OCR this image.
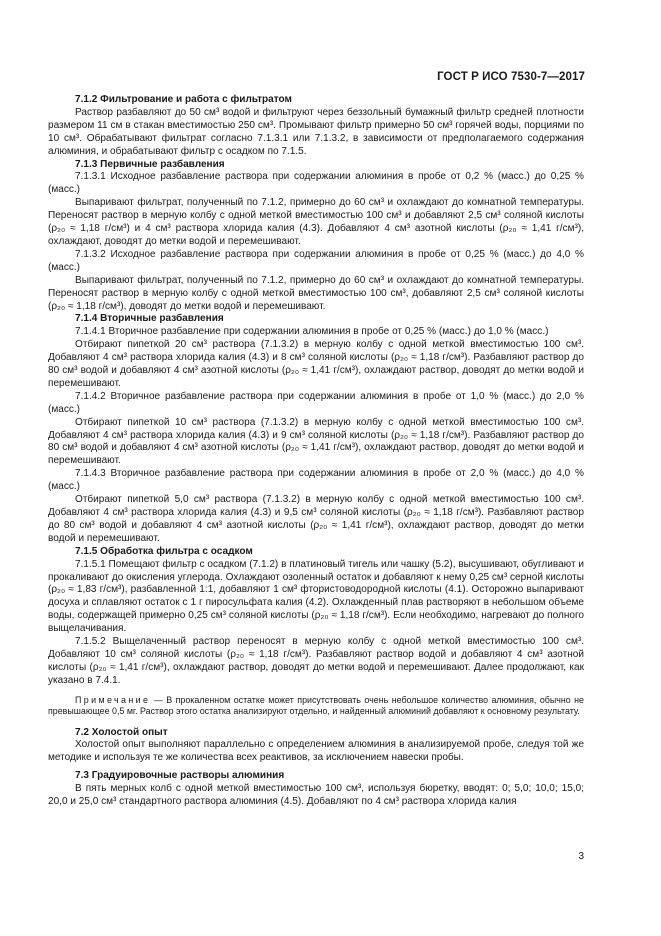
ГОСТ Р ИСО 7530-7—2017

7.1.2 Фильтрование и работа с фильтратом

Раствор разбавляют до 50 см³ водой и фильтруют через беззольный бумажный фильтр средней плотности размером 11 см в стакан вместимостью 250 см³. Промывают фильтр примерно 50 см³ горячей воды, порциями по 10 см³. Обрабатывают фильтрат согласно 7.1.3.1 или 7.1.3.2, в зависимости от предполагаемого содержания алюминия, и обрабатывают фильтр с осадком по 7.1.5.

7.1.3 Первичные разбавления

7.1.3.1 Исходное разбавление раствора при содержании алюминия в пробе от 0,2 % (масс.) до 0,25 % (масс.)

Выпаривают фильтрат, полученный по 7.1.2, примерно до 60 см³ и охлаждают до комнатной температуры. Переносят раствор в мерную колбу с одной меткой вместимостью 100 см³ и добавляют 2,5 см³ соляной кислоты (ρ₂₀ ≈ 1,18 г/см³) и 4 см³ раствора хлорида калия (4.3). Добавляют 4 см³ азотной кислоты (ρ₂₀ ≈ 1,41 г/см³), охлаждают, доводят до метки водой и перемешивают.

7.1.3.2 Исходное разбавление раствора при содержании алюминия в пробе от 0,25 % (масс.) до 4,0 % (масс.)

Выпаривают фильтрат, полученный по 7.1.2, примерно до 60 см³ и охлаждают до комнатной температуры. Переносят раствор в мерную колбу с одной меткой вместимостью 100 см³, добавляют 2,5 см³ соляной кислоты (ρ₂₀ ≈ 1,18 г/см³), доводят до метки водой и перемешивают.

7.1.4 Вторичные разбавления

7.1.4.1 Вторичное разбавление при содержании алюминия в пробе от 0,25 % (масс.) до 1,0 % (масс.)

Отбирают пипеткой 20 см³ раствора (7.1.3.2) в мерную колбу с одной меткой вместимостью 100 см³. Добавляют 4 см³ раствора хлорида калия (4.3) и 8 см³ соляной кислоты (ρ₂₀ ≈ 1,18 г/см³). Разбавляют раствор до 80 см³ водой и добавляют 4 см³ азотной кислоты (ρ₂₀ ≈ 1,41 г/см³), охлаждают раствор, доводят до метки водой и перемешивают.

7.1.4.2 Вторичное разбавление раствора при содержании алюминия в пробе от 1,0 % (масс.) до 2,0 % (масс.)

Отбирают пипеткой 10 см³ раствора (7.1.3.2) в мерную колбу с одной меткой вместимостью 100 см³. Добавляют 4 см³ раствора хлорида калия (4.3) и 9 см³ соляной кислоты (ρ₂₀ ≈ 1,18 г/см³). Разбавляют раствор до 80 см³ водой и добавляют 4 см³ азотной кислоты (ρ₂₀ ≈ 1,41 г/см³), охлаждают раствор, доводят до метки водой и перемешивают.

7.1.4.3 Вторичное разбавление раствора при содержании алюминия в пробе от 2,0 % (масс.) до 4,0 % (масс.)

Отбирают пипеткой 5,0 см³ раствора (7.1.3.2) в мерную колбу с одной меткой вместимостью 100 см³. Добавляют 4 см³ раствора хлорида калия (4.3) и 9,5 см³ соляной кислоты (ρ₂₀ ≈ 1,18 г/см³). Разбавляют раствор до 80 см³ водой и добавляют 4 см³ азотной кислоты (ρ₂₀ ≈ 1,41 г/см³), охлаждают раствор, доводят до метки водой и перемешивают.

7.1.5 Обработка фильтра с осадком

7.1.5.1 Помещают фильтр с осадком (7.1.2) в платиновый тигель или чашку (5.2), высушивают, обугливают и прокаливают до окисления углерода. Охлаждают озоленный остаток и добавляют к нему 0,25 см³ серной кислоты (ρ₂₀ ≈ 1,83 г/см³), разбавленной 1:1, добавляют 1 см³ фтористоводородной кислоты (4.1). Осторожно выпаривают досуха и сплавляют остаток с 1 г пиросульфата калия (4.2). Охлажденный плав растворяют в небольшом объеме воды, содержащей примерно 0,25 см³ соляной кислоты (ρ₂₀ ≈ 1,18 г/см³). Если необходимо, нагревают до полного выщелачивания.

7.1.5.2 Выщелаченный раствор переносят в мерную колбу с одной меткой вместимостью 100 см³. Добавляют 10 см³ соляной кислоты (ρ₂₀ ≈ 1,18 г/см³). Разбавляют раствор водой и добавляют 4 см³ азотной кислоты (ρ₂₀ ≈ 1,41 г/см³), охлаждают раствор, доводят до метки водой и перемешивают. Далее продолжают, как указано в 7.4.1.

Примечание — В прокаленном остатке может присутствовать очень небольшое количество алюминия, обычно не превышающее 0,5 мг. Раствор этого остатка анализируют отдельно, и найденный алюминий добавляют к основному результату.

7.2 Холостой опыт

Холостой опыт выполняют параллельно с определением алюминия в анализируемой пробе, следуя той же методике и используя те же количества всех реактивов, за исключением навески пробы.

7.3 Градуировочные растворы алюминия

В пять мерных колб с одной меткой вместимостью 100 см³, используя бюретку, вводят: 0; 5,0; 10,0; 15,0; 20,0 и 25,0 см³ стандартного раствора алюминия (4.5). Добавляют по 4 см³ раствора хлорида калия

3
